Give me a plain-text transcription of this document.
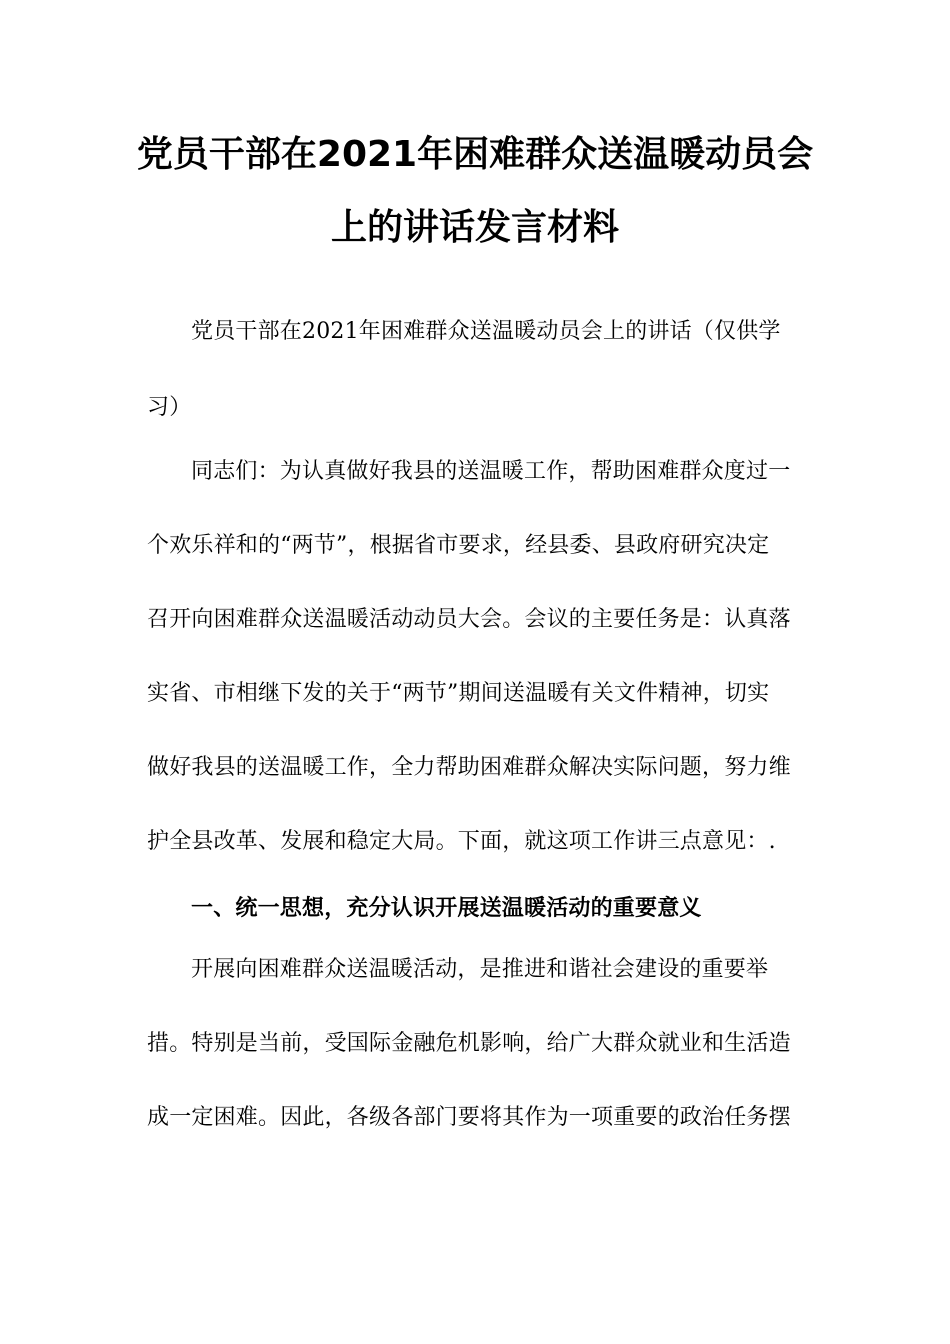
党员干部在2021年困难群众送温暖动员会
上的讲话发言材料
党员干部在2021年困难群众送温暖动员会上的讲话（仅供学
习）
同志们：为认真做好我县的送温暖工作，帮助困难群众度过一
个欢乐祥和的“两节”，根据省市要求，经县委、县政府研究决定
召开向困难群众送温暖活动动员大会。会议的主要任务是：认真落
实省、市相继下发的关于“两节”期间送温暖有关文件精神，切实
做好我县的送温暖工作，全力帮助困难群众解决实际问题，努力维
护全县改革、发展和稳定大局。下面，就这项工作讲三点意见：.
一、统一思想，充分认识开展送温暖活动的重要意义
开展向困难群众送温暖活动，是推进和谐社会建设的重要举
措。特别是当前，受国际金融危机影响，给广大群众就业和生活造
成一定困难。因此，各级各部门要将其作为一项重要的政治任务摆
